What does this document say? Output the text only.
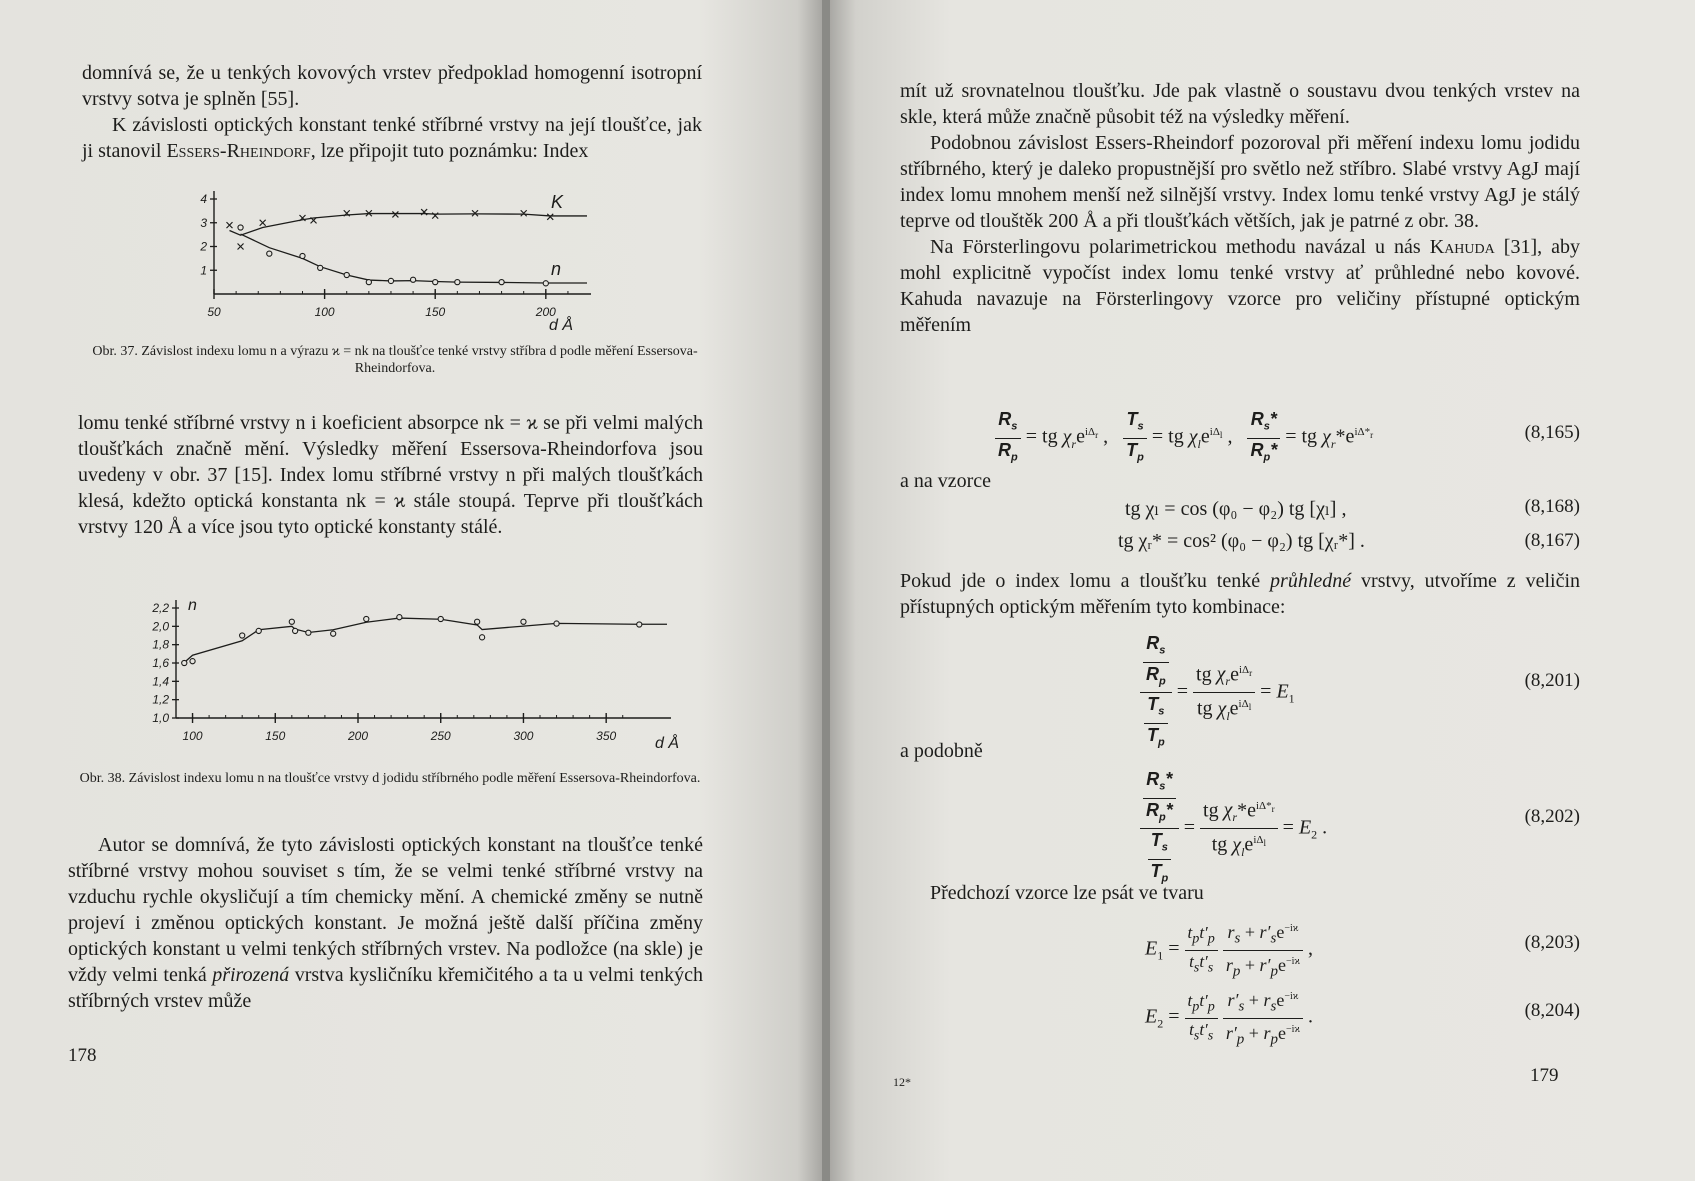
domnívá se, že u tenkých kovových vrstev předpoklad homogenní isotropní vrstvy sotva je splněn [55].

K závislosti optických konstant tenké stříbrné vrstvy na její tloušťce, jak ji stanovil Essers-Rheindorf, lze připojit tuto poznámku: Index

50	100	150	200
1
2
3
4
d Å
K
n
Obr. 37. Závislost indexu lomu n a výrazu ϰ = nk na tloušťce tenké vrstvy stříbra d podle měření Essersova-Rheindorfova.

lomu tenké stříbrné vrstvy n i koeficient absorpce nk = ϰ se při velmi malých tloušťkách značně mění. Výsledky měření Essersova-Rheindorfova jsou uvedeny v obr. 37 [15]. Index lomu stříbrné vrstvy n při malých tloušťkách klesá, kdežto optická konstanta nk = ϰ stále stoupá. Teprve při tloušťkách vrstvy 120 Å a více jsou tyto optické konstanty stálé.

100	150	200	250	300	350
1,0
1,2
1,4
1,6
1,8
2,0
2,2
d Å
n
Obr. 38. Závislost indexu lomu n na tloušťce vrstvy d jodidu stříbrného podle měření Essersova-Rheindorfova.

Autor se domnívá, že tyto závislosti optických konstant na tloušťce tenké stříbrné vrstvy mohou souviset s tím, že se velmi tenké stříbrné vrstvy na vzduchu rychle okysličují a tím chemicky mění. A chemické změny se nutně projeví i změnou optických konstant. Je možná ještě další příčina změny optických konstant u velmi tenkých stříbrných vrstev. Na podložce (na skle) je vždy velmi tenká přirozená vrstva kysličníku křemičitého a ta u velmi tenkých stříbrných vrstev může

178

mít už srovnatelnou tloušťku. Jde pak vlastně o soustavu dvou tenkých vrstev na skle, která může značně působit též na výsledky měření.

Podobnou závislost Essers-Rheindorf pozoroval při měření indexu lomu jodidu stříbrného, který je daleko propustnější pro světlo než stříbro. Slabé vrstvy AgJ mají index lomu mnohem menší než silnější vrstvy. Index lomu tenké vrstvy AgJ je stálý teprve od tlouštěk 200 Å a při tloušťkách větších, jak je patrné z obr. 38.

Na Försterlingovu polarimetrickou methodu navázal u nás Kahuda [31], aby mohl explicitně vypočíst index lomu tenké vrstvy ať průhledné nebo kovové. Kahuda navazuje na Försterlingovy vzorce pro veličiny přístupné optickým měřením

$\frac{R_s}{R_p}$ = tg $\chi_re^{i\Delta_r}$ , $\frac{T_s}{T_p}$ = tg $\chi_le^{i\Delta_l}$ , $\frac{R_s*}{R_p*}$ = tg $\chi_r*e^{i\Delta*_r}$	(8,165)
a na vzorce
tg χₗ = cos (φ₀ − φ₂) tg [χₗ] ,	(8,168)
tg χᵣ* = cos² (φ₀ − φ₂) tg [χᵣ*] .	(8,167)

Pokud jde o index lomu a tloušťku tenké průhledné vrstvy, utvoříme z veličin přístupných optickým měřením tyto kombinace:

$\frac{\frac{R_s}{R_p}}{\frac{T_s}{T_p}} = \frac{tg \chi_re^{i\Delta_r}}{tg \chi_le^{i\Delta_l}} = E_1$
(8,201)
a podobně
$\frac{\frac{R_s*}{R_p*}}{\frac{T_s}{T_p}} = \frac{tg \chi_r*e^{i\Delta*_r}}{tg \chi_le^{i\Delta_l}} = E_2$ .	(8,202)
Předchozí vzorce lze psát ve tvaru
$E_1 = \frac{t_pt'_p}{t_st'_s}$
$\frac{r_s + r'_se^{-iϰ}}{r_p + r'_pe^{-iϰ}}$ ,	(8,203)
$E_2 = \frac{t_pt'_p}{t_st'_s}$
$\frac{r'_s + r_se^{-iϰ}}{r'_p + r_pe^{-iϰ}}$ .	(8,204)
12*	179
